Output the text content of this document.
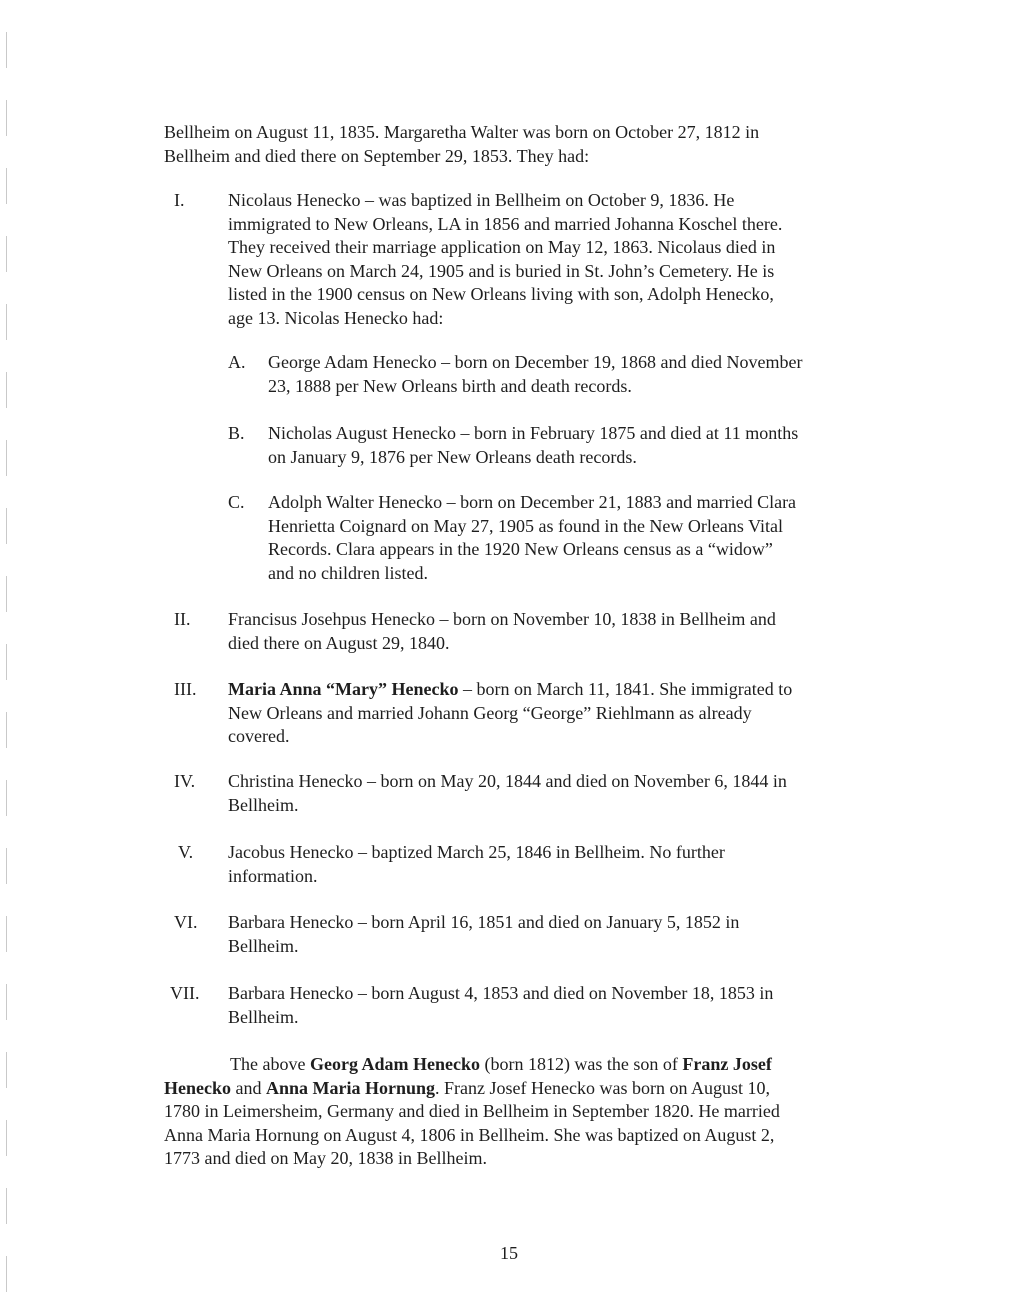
Bellheim on August 11, 1835. Margaretha Walter was born on October 27, 1812 in
Bellheim and died there on September 29, 1853. They had:
I. Nicolaus Henecko – was baptized in Bellheim on October 9, 1836. He
immigrated to New Orleans, LA in 1856 and married Johanna Koschel there.
They received their marriage application on May 12, 1863. Nicolaus died in
New Orleans on March 24, 1905 and is buried in St. John’s Cemetery. He is
listed in the 1900 census on New Orleans living with son, Adolph Henecko,
age 13. Nicolas Henecko had:
A. George Adam Henecko – born on December 19, 1868 and died November
23, 1888 per New Orleans birth and death records.
B. Nicholas August Henecko – born in February 1875 and died at 11 months
on January 9, 1876 per New Orleans death records.
C. Adolph Walter Henecko – born on December 21, 1883 and married Clara
Henrietta Coignard on May 27, 1905 as found in the New Orleans Vital
Records. Clara appears in the 1920 New Orleans census as a “widow”
and no children listed.
II. Francisus Josehpus Henecko – born on November 10, 1838 in Bellheim and
died there on August 29, 1840.
III. Maria Anna “Mary” Henecko – born on March 11, 1841. She immigrated to
New Orleans and married Johann Georg “George” Riehlmann as already
covered.
IV. Christina Henecko – born on May 20, 1844 and died on November 6, 1844 in
Bellheim.
V. Jacobus Henecko – baptized March 25, 1846 in Bellheim. No further
information.
VI. Barbara Henecko – born April 16, 1851 and died on January 5, 1852 in
Bellheim.
VII. Barbara Henecko – born August 4, 1853 and died on November 18, 1853 in
Bellheim.
The above Georg Adam Henecko (born 1812) was the son of Franz Josef
Henecko and Anna Maria Hornung. Franz Josef Henecko was born on August 10,
1780 in Leimersheim, Germany and died in Bellheim in September 1820. He married
Anna Maria Hornung on August 4, 1806 in Bellheim. She was baptized on August 2,
1773 and died on May 20, 1838 in Bellheim.
15
